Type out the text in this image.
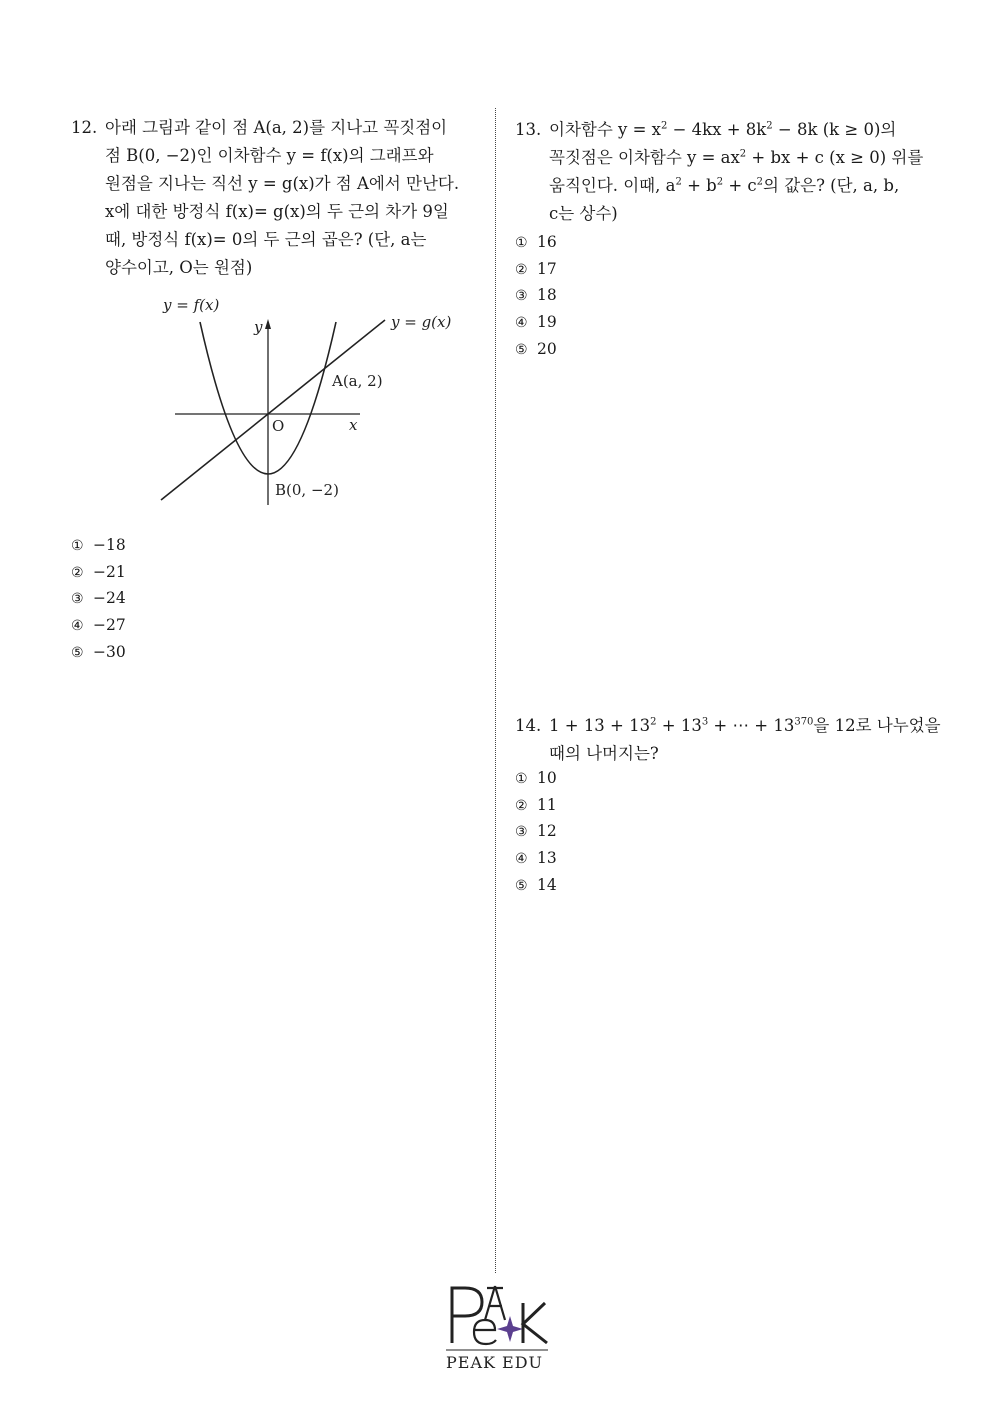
12. 아래 그림과 같이 점 A(a, 2)를 지나고 꼭짓점이
점 B(0, −2)인 이차함수 y = f(x)의 그래프와
원점을 지나는 직선 y = g(x)가 점 A에서 만난다.
x에 대한 방정식 f(x)= g(x)의 두 근의 차가 9일
때, 방정식 f(x)= 0의 두 근의 곱은? (단, a는
양수이고, O는 원점)
y = f(x)
y = g(x)
y
x
O
A(a, 2)
B(0, −2)
① −18
② −21
③ −24
④ −27
⑤ −30
13. 이차함수 $y = x^2 - 4kx + 8k^2 - 8k$ (k ≥ 0)의
꼭짓점은 이차함수 $y = ax^2$ + bx + c (x ≥ 0) 위를
움직인다. 이때, $a^2 + b^2 + c^2$의 값은? (단, a, b,
c는 상수)
① 16
② 17
③ 18
④ 19
⑤ 20
14. $1 + 13 + 13^2 + 13^3$ + ⋯ + $13^{370}$을 12로 나누었을
때의 나머지는?
① 10
② 11
③ 12
④ 13
⑤ 14
PEAK EDU
